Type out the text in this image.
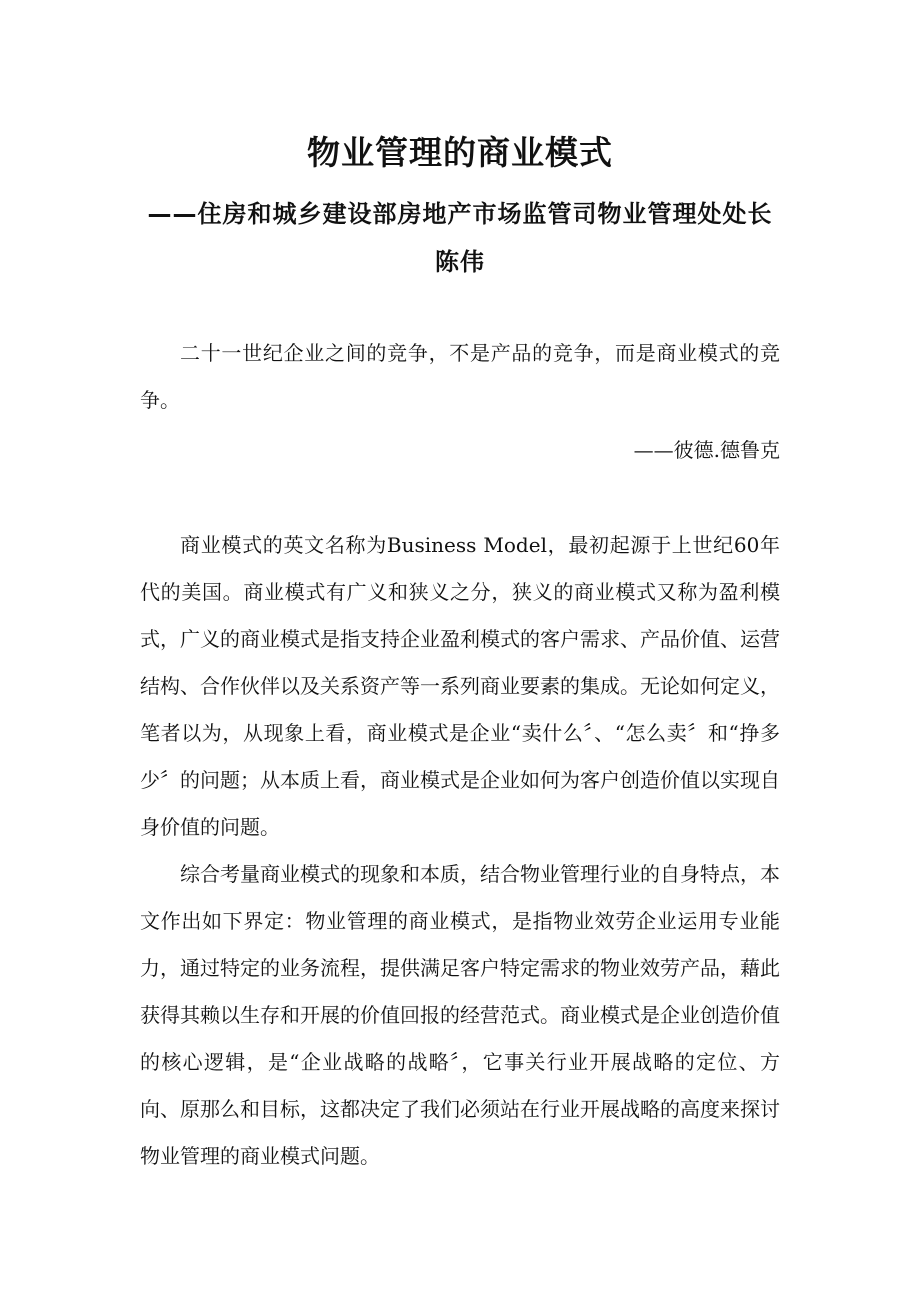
物业管理的商业模式
——住房和城乡建设部房地产市场监管司物业管理处处长陈伟

二十一世纪企业之间的竞争，不是产品的竞争，而是商业模式的竞争。

——彼德.德鲁克

商业模式的英文名称为Business Model，最初起源于上世纪60年代的美国。商业模式有广义和狭义之分，狭义的商业模式又称为盈利模式，广义的商业模式是指支持企业盈利模式的客户需求、产品价值、运营结构、合作伙伴以及关系资产等一系列商业要素的集成。无论如何定义，笔者以为，从现象上看，商业模式是企业“卖什么〞、“怎么卖〞和“挣多少〞的问题；从本质上看，商业模式是企业如何为客户创造价值以实现自身价值的问题。

综合考量商业模式的现象和本质，结合物业管理行业的自身特点，本文作出如下界定：物业管理的商业模式，是指物业效劳企业运用专业能力，通过特定的业务流程，提供满足客户特定需求的物业效劳产品，藉此获得其赖以生存和开展的价值回报的经营范式。商业模式是企业创造价值的核心逻辑，是“企业战略的战略〞，它事关行业开展战略的定位、方向、原那么和目标，这都决定了我们必须站在行业开展战略的高度来探讨物业管理的商业模式问题。
